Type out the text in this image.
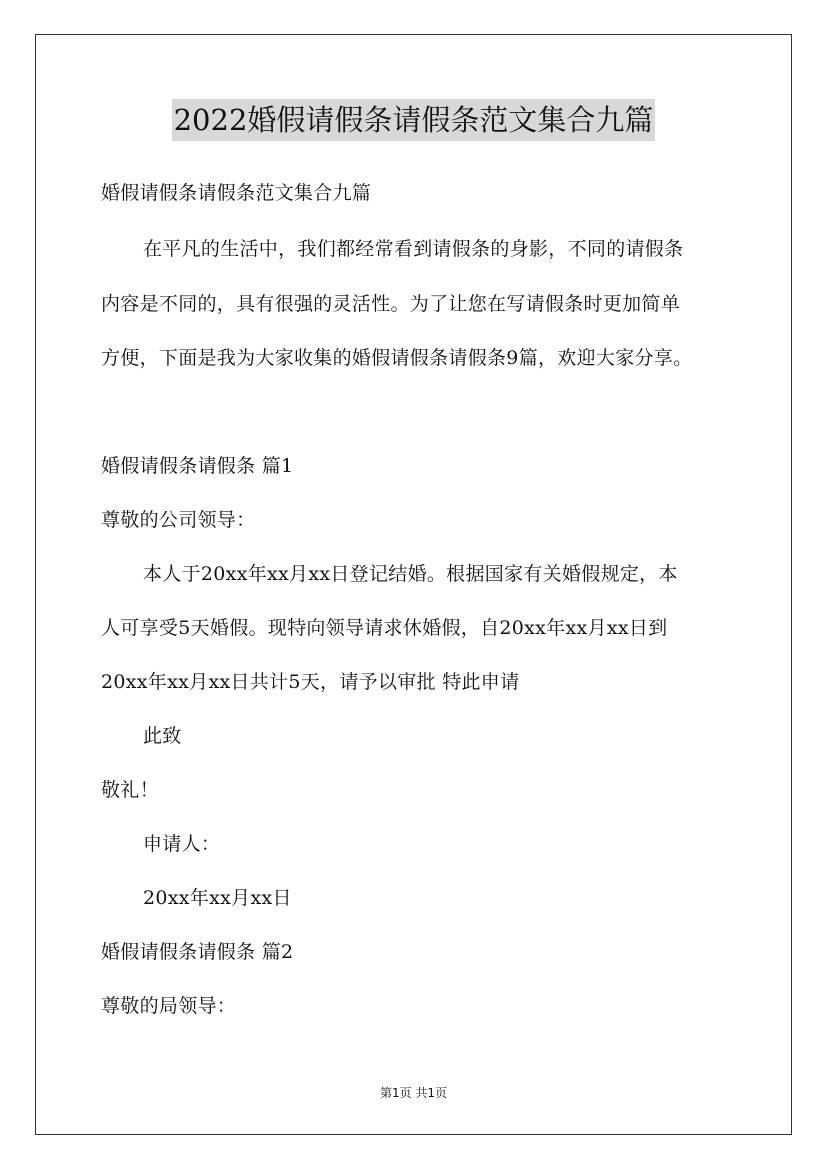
2022婚假请假条请假条范文集合九篇
婚假请假条请假条范文集合九篇
在平凡的生活中，我们都经常看到请假条的身影，不同的请假条
内容是不同的，具有很强的灵活性。为了让您在写请假条时更加简单
方便，下面是我为大家收集的婚假请假条请假条9篇，欢迎大家分享。
婚假请假条请假条 篇1
尊敬的公司领导：
本人于20xx年xx月xx日登记结婚。根据国家有关婚假规定，本
人可享受5天婚假。现特向领导请求休婚假，自20xx年xx月xx日到
20xx年xx月xx日共计5天，请予以审批 特此申请
此致
敬礼！
申请人：
20xx年xx月xx日
婚假请假条请假条 篇2
尊敬的局领导：
第1页 共1页
